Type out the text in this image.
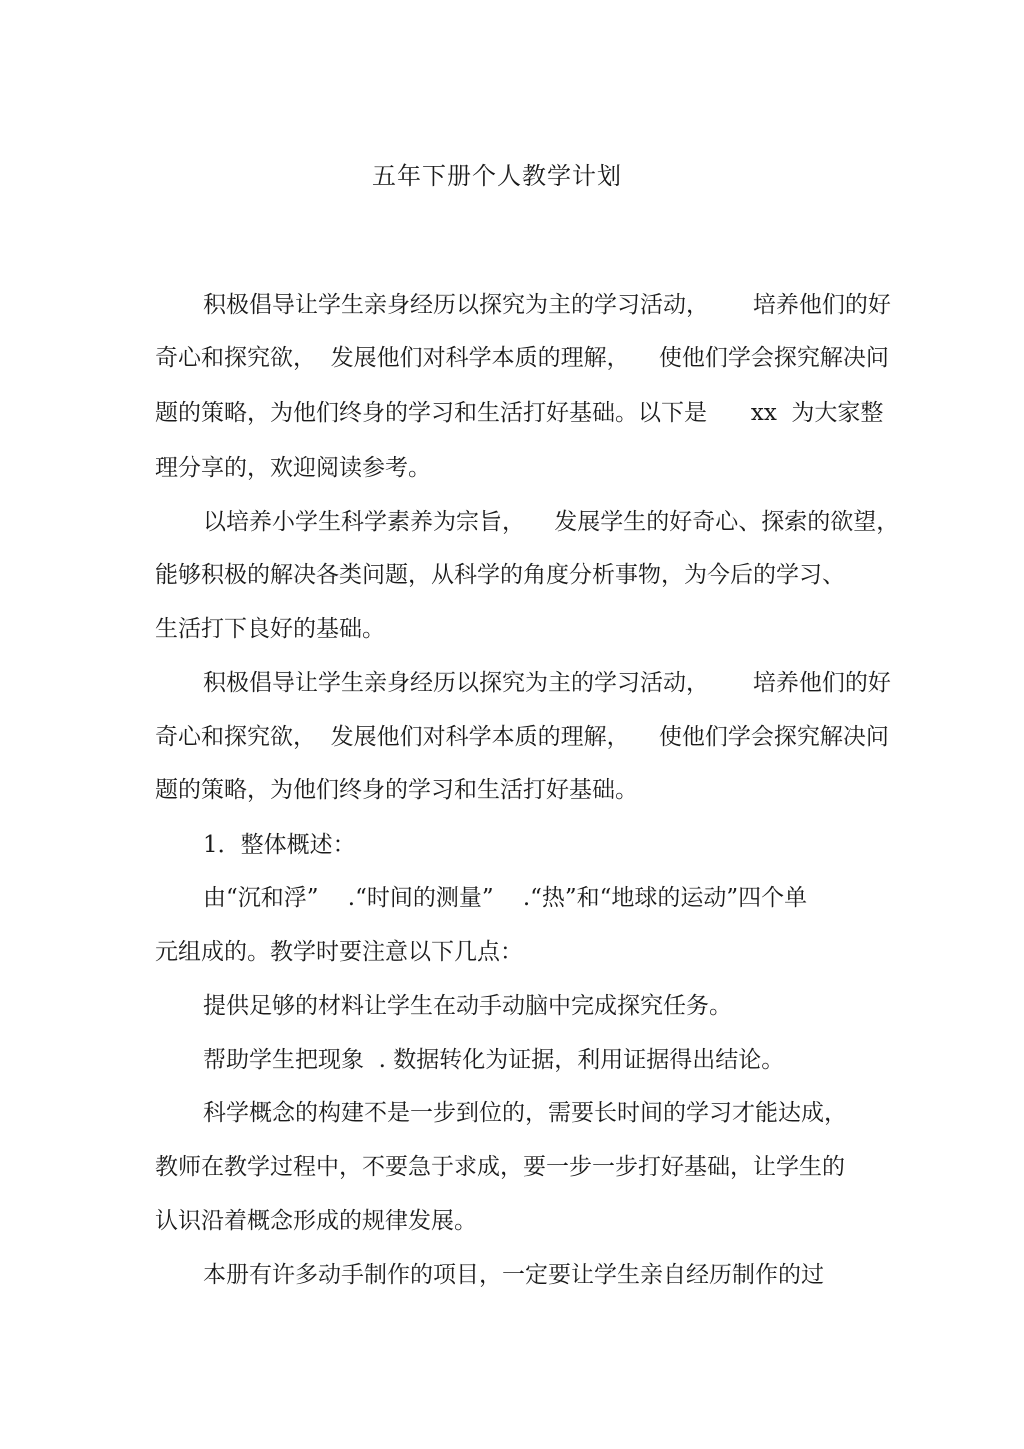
五年下册个人教学计划
积极倡导让学生亲身经历以探究为主的学习活动，      培养他们的好
奇心和探究欲，  发展他们对科学本质的理解，    使他们学会探究解决问
题的策略，为他们终身的学习和生活打好基础。以下是      xx  为大家整
理分享的，欢迎阅读参考。
以培养小学生科学素养为宗旨，    发展学生的好奇心、探索的欲望，
能够积极的解决各类问题，从科学的角度分析事物，为今后的学习、
生活打下良好的基础。
积极倡导让学生亲身经历以探究为主的学习活动，      培养他们的好
奇心和探究欲，  发展他们对科学本质的理解，    使他们学会探究解决问
题的策略，为他们终身的学习和生活打好基础。
1．整体概述：
由“沉和浮”    .“时间的测量”    .“热”和“地球的运动”四个单
元组成的。教学时要注意以下几点：
提供足够的材料让学生在动手动脑中完成探究任务。
帮助学生把现象  . 数据转化为证据，利用证据得出结论。
科学概念的构建不是一步到位的，需要长时间的学习才能达成，
教师在教学过程中，不要急于求成，要一步一步打好基础，让学生的
认识沿着概念形成的规律发展。
本册有许多动手制作的项目，一定要让学生亲自经历制作的过
